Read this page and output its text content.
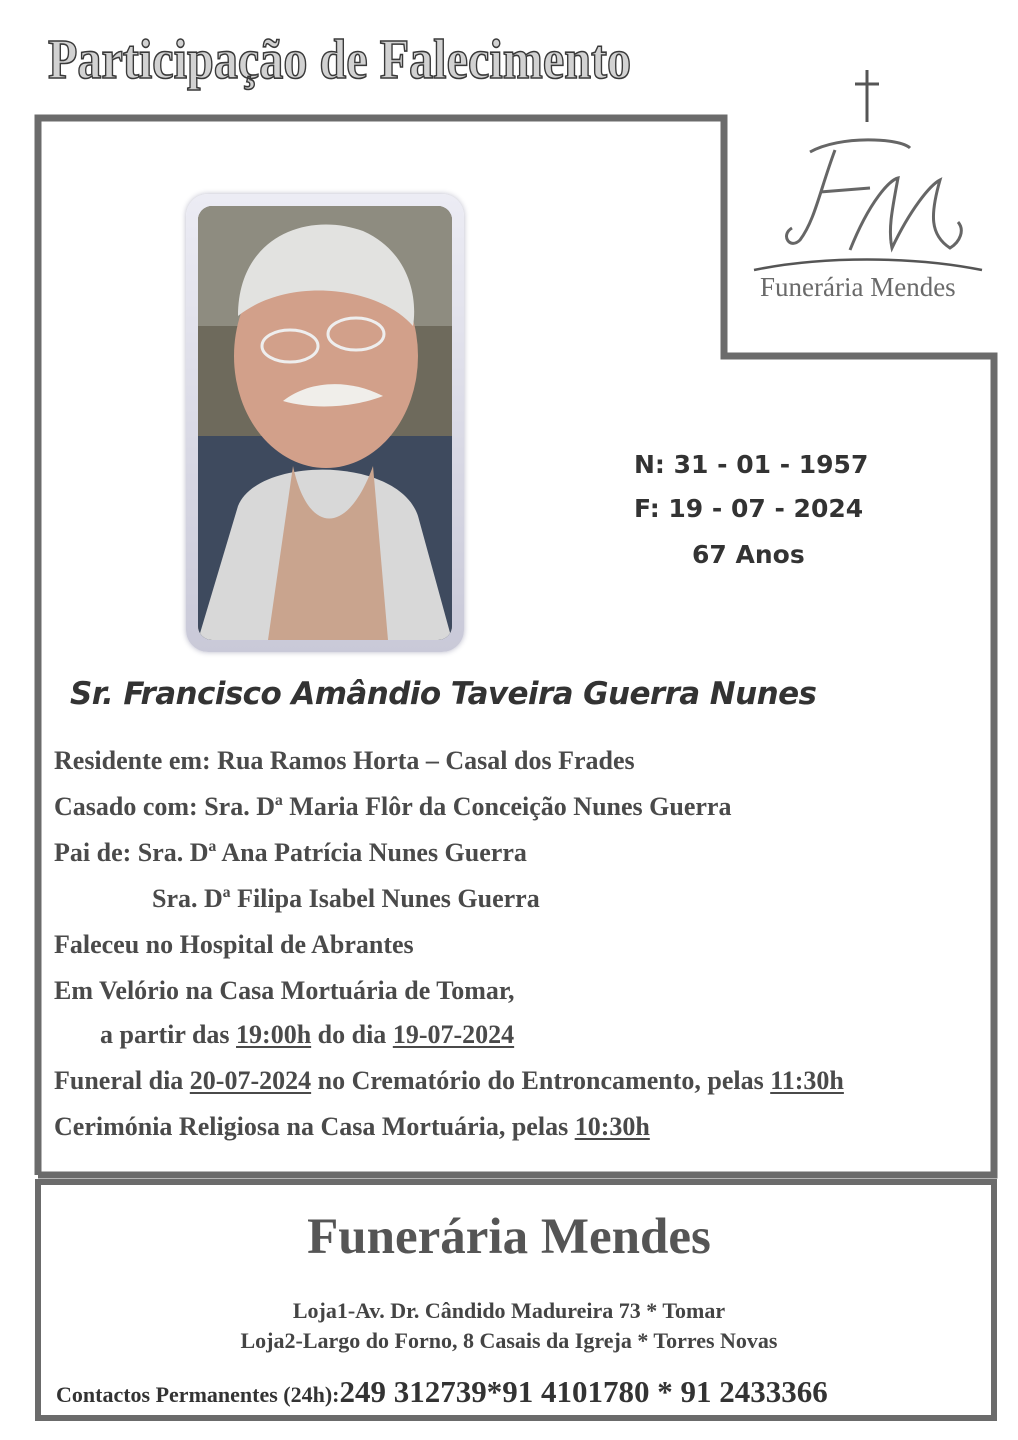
Participação de Falecimento
Funerária Mendes
N: 31 - 01 - 1957
F: 19 - 07 - 2024
67 Anos
Sr. Francisco Amândio Taveira Guerra Nunes
Residente em: Rua Ramos Horta – Casal dos Frades
Casado com: Sra. Dª Maria Flôr da Conceição Nunes Guerra
Pai de: Sra. Dª Ana Patrícia Nunes Guerra
Sra. Dª Filipa Isabel Nunes Guerra
Faleceu no Hospital de Abrantes
Em Velório na Casa Mortuária de Tomar,
a partir das 19:00h do dia 19-07-2024
Funeral dia 20-07-2024 no Crematório do Entroncamento, pelas 11:30h
Cerimónia Religiosa na Casa Mortuária, pelas 10:30h
Funerária Mendes
Loja1-Av. Dr. Cândido Madureira 73 * Tomar
Loja2-Largo do Forno, 8 Casais da Igreja * Torres Novas
Contactos Permanentes (24h):249 312739*91 4101780 * 91 2433366
